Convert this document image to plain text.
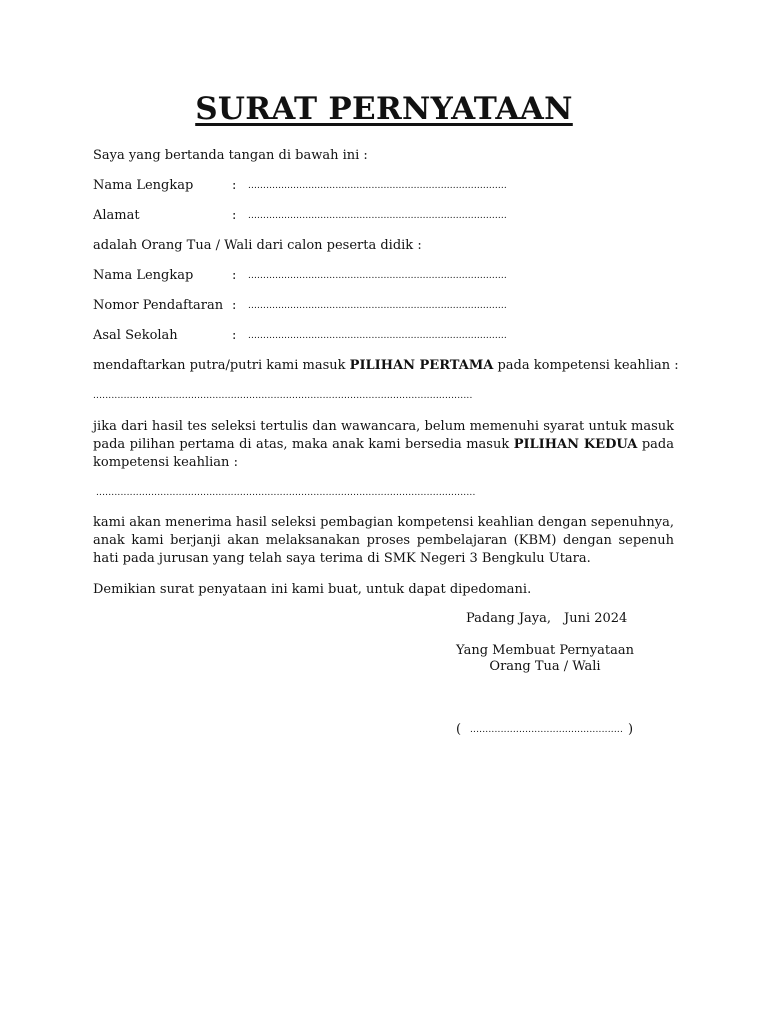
SURAT PERNYATAAN
Saya yang bertanda tangan di bawah ini :
Nama Lengkap	: ......................................................................................
Alamat	: ......................................................................................
adalah Orang Tua / Wali dari calon peserta didik :
Nama Lengkap	: ......................................................................................
Nomor Pendaftaran : ......................................................................................
Asal Sekolah	: ......................................................................................
mendaftarkan putra/putri kami masuk PILIHAN PERTAMA pada kompetensi keahlian :
............................................................................................................................
jika dari hasil tes seleksi tertulis dan wawancara, belum memenuhi syarat untuk masuk pada pilihan pertama di atas, maka anak kami bersedia masuk PILIHAN KEDUA pada kompetensi keahlian :
............................................................................................................................
kami akan menerima hasil seleksi pembagian kompetensi keahlian dengan sepenuhnya, anak kami berjanji akan melaksanakan proses pembelajaran (KBM) dengan sepenuh hati pada jurusan yang telah saya terima di SMK Negeri 3 Bengkulu Utara.
Demikian surat penyataan ini kami buat, untuk dapat dipedomani.
Padang Jaya, Juni 2024
Yang Membuat Pernyataan
Orang Tua / Wali
( .................................................. )
